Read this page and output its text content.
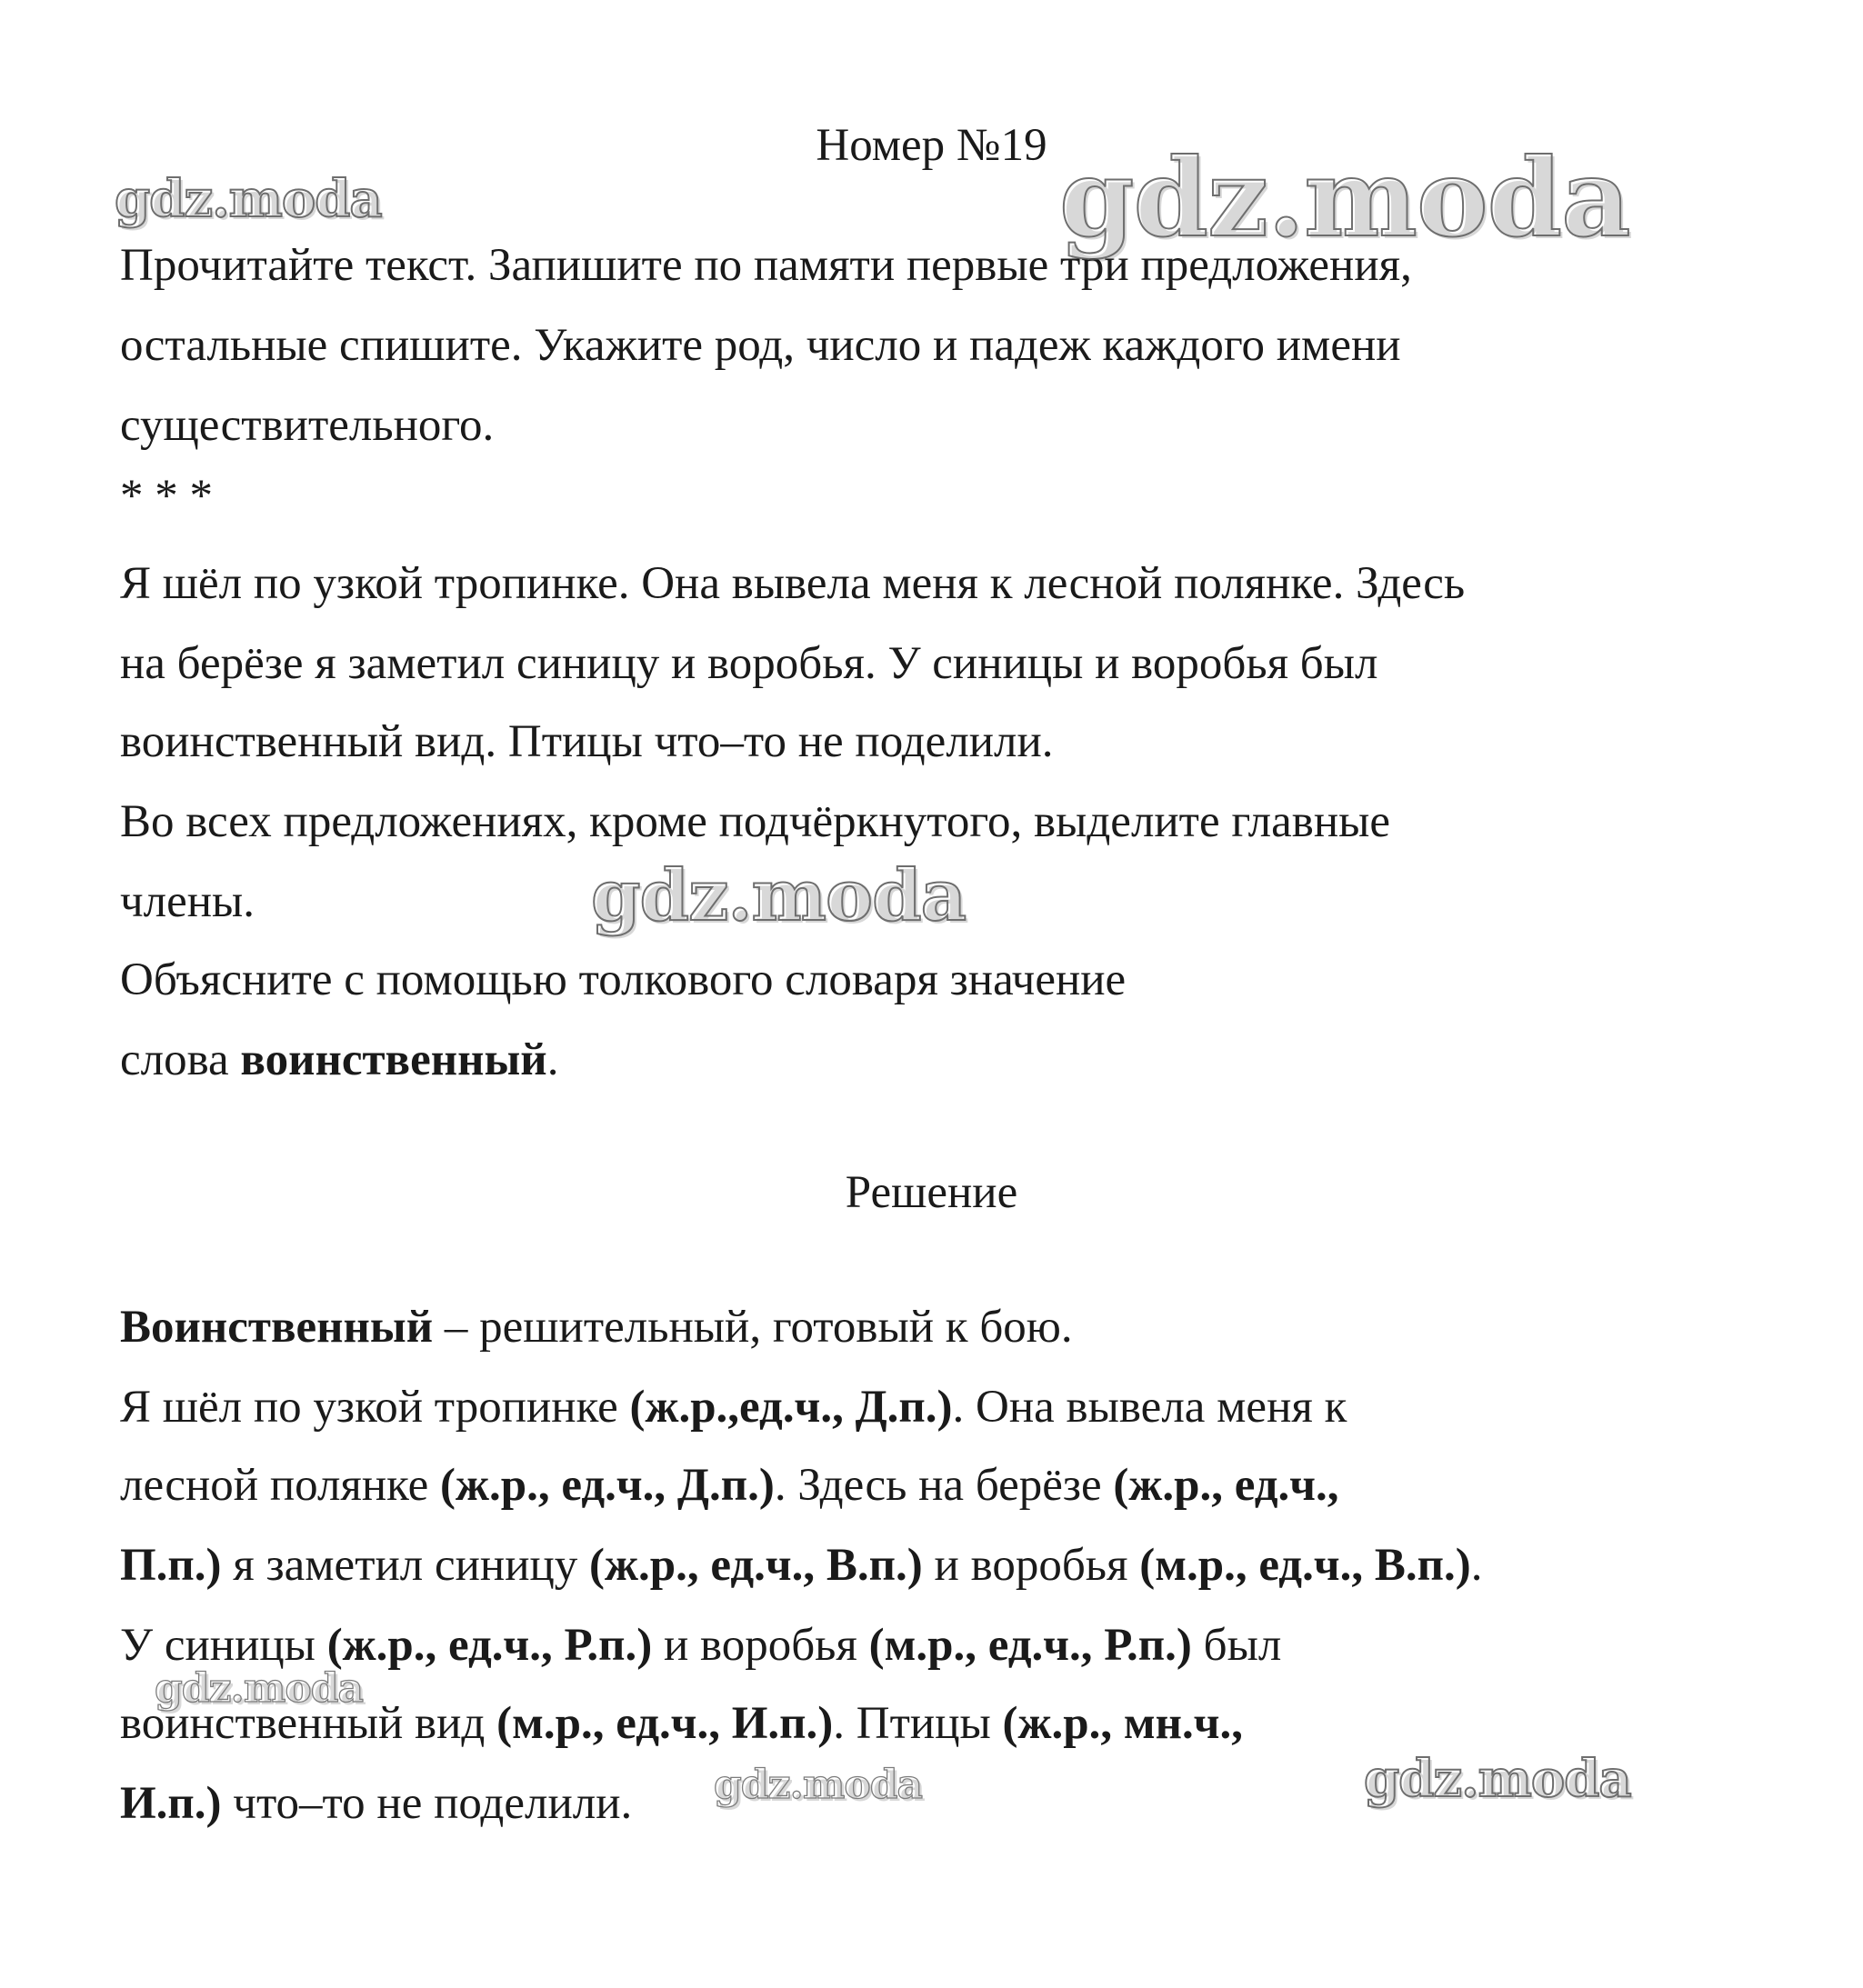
Номер №19
Прочитайте текст. Запишите по памяти первые три предложения,
остальные спишите. Укажите род, число и падеж каждого имени
существительного.
* * *
Я шёл по узкой тропинке. Она вывела меня к лесной полянке. Здесь
на берёзе я заметил синицу и воробья. У синицы и воробья был
воинственный вид. Птицы что–то не поделили.
Во всех предложениях, кроме подчёркнутого, выделите главные
члены.
Объясните с помощью толкового словаря значение
слова воинственный.
Решение
Воинственный – решительный, готовый к бою.
Я шёл по узкой тропинке (ж.р.,ед.ч., Д.п.). Она вывела меня к
лесной полянке (ж.р., ед.ч., Д.п.). Здесь на берёзе (ж.р., ед.ч.,
П.п.) я заметил синицу (ж.р., ед.ч., В.п.) и воробья (м.р., ед.ч., В.п.).
У синицы (ж.р., ед.ч., Р.п.) и воробья (м.р., ед.ч., Р.п.) был
воинственный вид (м.р., ед.ч., И.п.). Птицы (ж.р., мн.ч.,
И.п.) что–то не поделили.
gdz.moda	gdz.moda
gdz.moda
gdz.moda
gdz.moda	gdz.moda
